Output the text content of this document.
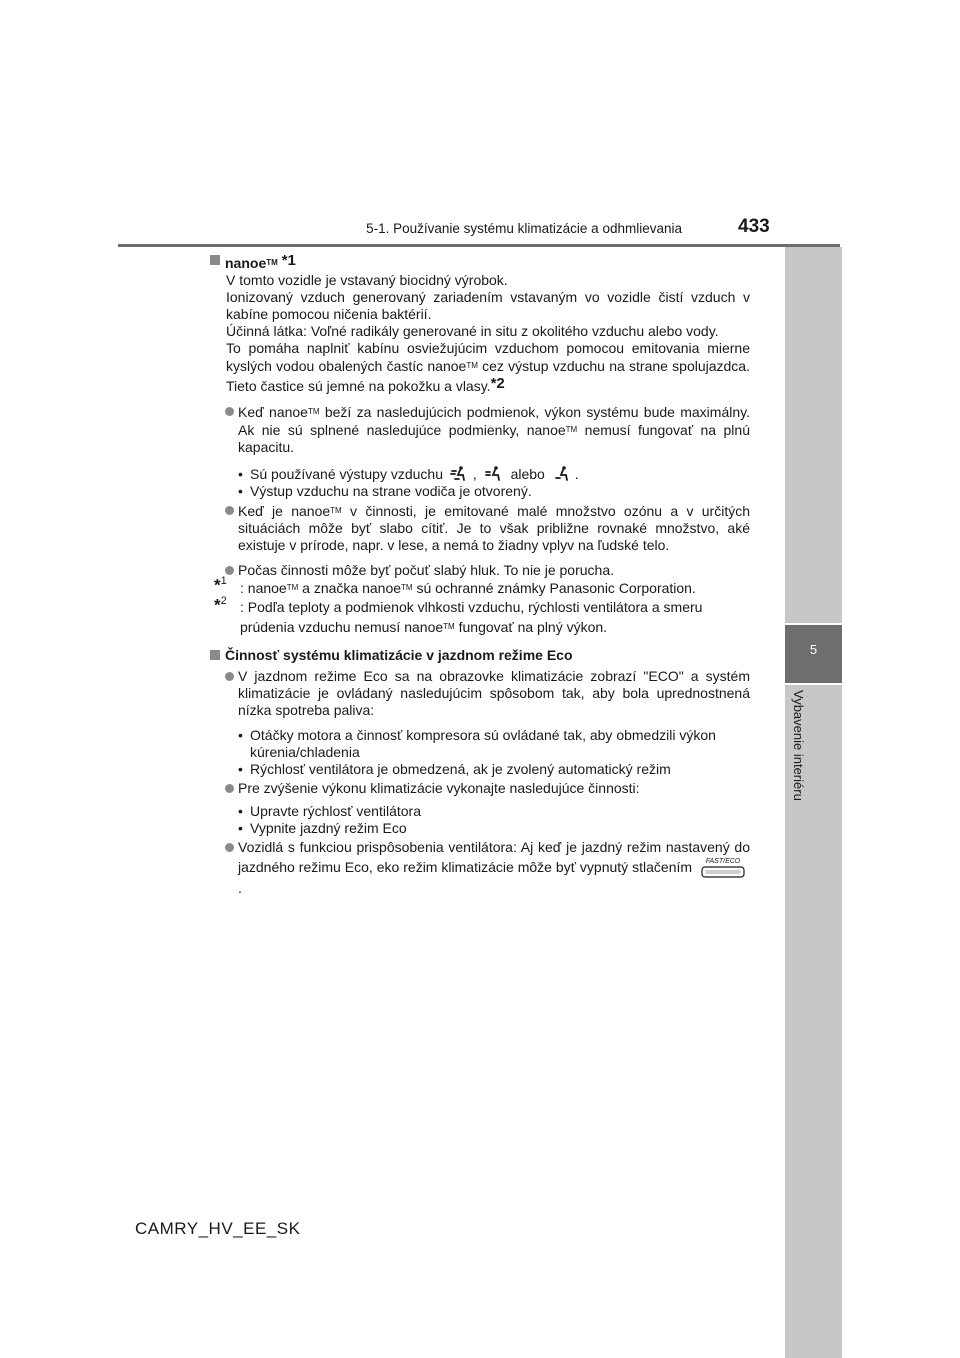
5-1. Používanie systému klimatizácie a odhmlievania	433
5
Vybavenie interiéru

nanoe™ *1

V tomto vozidle je vstavaný biocidný výrobok.

Ionizovaný vzduch generovaný zariadením vstavaným vo vozidle čistí vzduch v kabíne pomocou ničenia baktérií.

Účinná látka: Voľné radikály generované in situ z okolitého vzduchu alebo vody.

To pomáha naplniť kabínu osviežujúcim vzduchom pomocou emitovania mierne kyslých vodou obalených častíc nanoe™ cez výstup vzduchu na strane spolujazdca. Tieto častice sú jemné na pokožku a vlasy.*2

Keď nanoe™ beží za nasledujúcich podmienok, výkon systému bude maximálny. Ak nie sú splnené nasledujúce podmienky, nanoe™ nemusí fungovať na plnú kapacitu.

• Sú používané výstupy vzduchu , alebo .

• Výstup vzduchu na strane vodiča je otvorený.

Keď je nanoe™ v činnosti, je emitované malé množstvo ozónu a v určitých situáciách môže byť slabo cítiť. Je to však približne rovnaké množstvo, aké existuje v prírode, napr. v lese, a nemá to žiadny vplyv na ľudské telo.

Počas činnosti môže byť počuť slabý hluk. To nie je porucha.

*$^1$ : nanoe™ a značka nanoe™ sú ochranné známky Panasonic Corporation.

*$^2$ : Podľa teploty a podmienok vlhkosti vzduchu, rýchlosti ventilátora a smeru prúdenia vzduchu nemusí nanoe™ fungovať na plný výkon.

Činnosť systému klimatizácie v jazdnom režime Eco

V jazdnom režime Eco sa na obrazovke klimatizácie zobrazí "ECO" a systém klimatizácie je ovládaný nasledujúcim spôsobom tak, aby bola uprednostnená nízka spotreba paliva:

• Otáčky motora a činnosť kompresora sú ovládané tak, aby obmedzili výkon kúrenia/chladenia

• Rýchlosť ventilátora je obmedzená, ak je zvolený automatický režim

Pre zvýšenie výkonu klimatizácie vykonajte nasledujúce činnosti:

• Upravte rýchlosť ventilátora

• Vypnite jazdný režim Eco

Vozidlá s funkciou prispôsobenia ventilátora: Aj keď je jazdný režim nastavený do jazdného režimu Eco, eko režim klimatizácie môže byť vypnutý stlačením FAST/ECO
.

CAMRY_HV_EE_SK
